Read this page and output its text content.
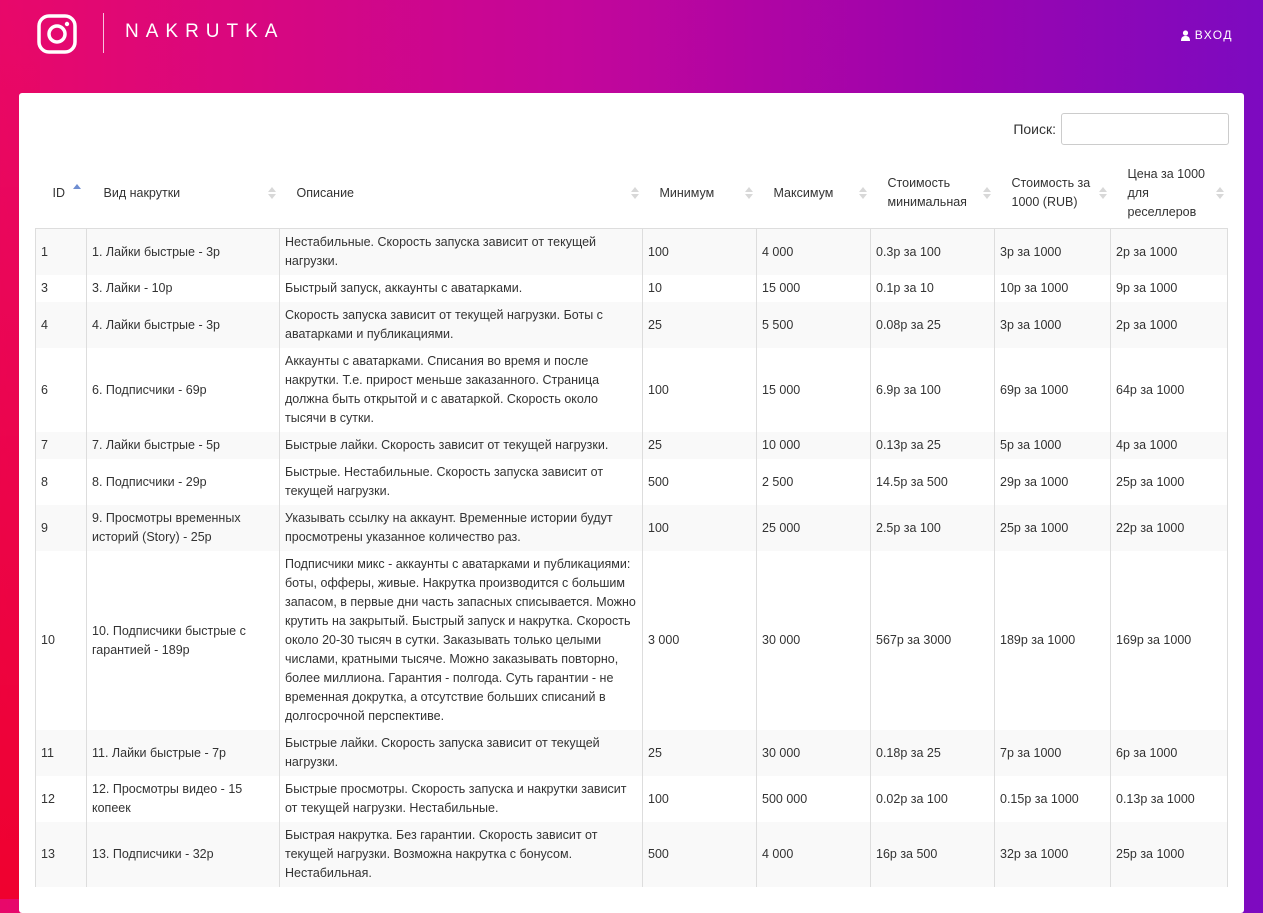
NAKRUTKA	ВХОД
Поиск:
ID	Вид накрутки	Описание	Минимум	Максимум	Стоимость минимальная	Стоимость за 1000 (RUB)	Цена за 1000 для реселлеров

1	1. Лайки быстрые - 3р	Нестабильные. Скорость запуска зависит от текущей нагрузки.	100	4 000	0.3р за 100	3р за 1000	2р за 1000
3	3. Лайки - 10р	Быстрый запуск, аккаунты с аватарками.	10	15 000	0.1р за 10	10р за 1000	9р за 1000
4	4. Лайки быстрые - 3р	Скорость запуска зависит от текущей нагрузки. Боты с аватарками и публикациями.	25	5 500	0.08р за 25	3р за 1000	2р за 1000
6	6. Подписчики - 69р	Аккаунты с аватарками. Списания во время и после накрутки. Т.е. прирост меньше заказанного. Страница должна быть открытой и с аватаркой. Скорость около тысячи в сутки.	100	15 000	6.9р за 100	69р за 1000	64р за 1000
7	7. Лайки быстрые - 5р	Быстрые лайки. Скорость зависит от текущей нагрузки.	25	10 000	0.13р за 25	5р за 1000	4р за 1000
8	8. Подписчики - 29р	Быстрые. Нестабильные. Скорость запуска зависит от текущей нагрузки.	500	2 500	14.5р за 500	29р за 1000	25р за 1000
9	9. Просмотры временных историй (Story) - 25р	Указывать ссылку на аккаунт. Временные истории будут просмотрены указанное количество раз.	100	25 000	2.5р за 100	25р за 1000	22р за 1000
10	10. Подписчики быстрые с гарантией - 189р	Подписчики микс - аккаунты с аватарками и публикациями: боты, офферы, живые. Накрутка производится с большим запасом, в первые дни часть запасных списывается. Можно крутить на закрытый. Быстрый запуск и накрутка. Скорость около 20-30 тысяч в сутки. Заказывать только целыми числами, кратными тысяче. Можно заказывать повторно, более миллиона. Гарантия - полгода. Суть гарантии - не временная докрутка, а отсутствие больших списаний в долгосрочной перспективе.	3 000	30 000	567р за 3000	189р за 1000	169р за 1000
11	11. Лайки быстрые - 7р	Быстрые лайки. Скорость запуска зависит от текущей нагрузки.	25	30 000	0.18р за 25	7р за 1000	6р за 1000
12	12. Просмотры видео - 15 копеек	Быстрые просмотры. Скорость запуска и накрутки зависит от текущей нагрузки. Нестабильные.	100	500 000	0.02р за 100	0.15р за 1000	0.13р за 1000
13	13. Подписчики - 32р	Быстрая накрутка. Без гарантии. Скорость зависит от текущей нагрузки. Возможна накрутка с бонусом. Нестабильная.	500	4 000	16р за 500	32р за 1000	25р за 1000
